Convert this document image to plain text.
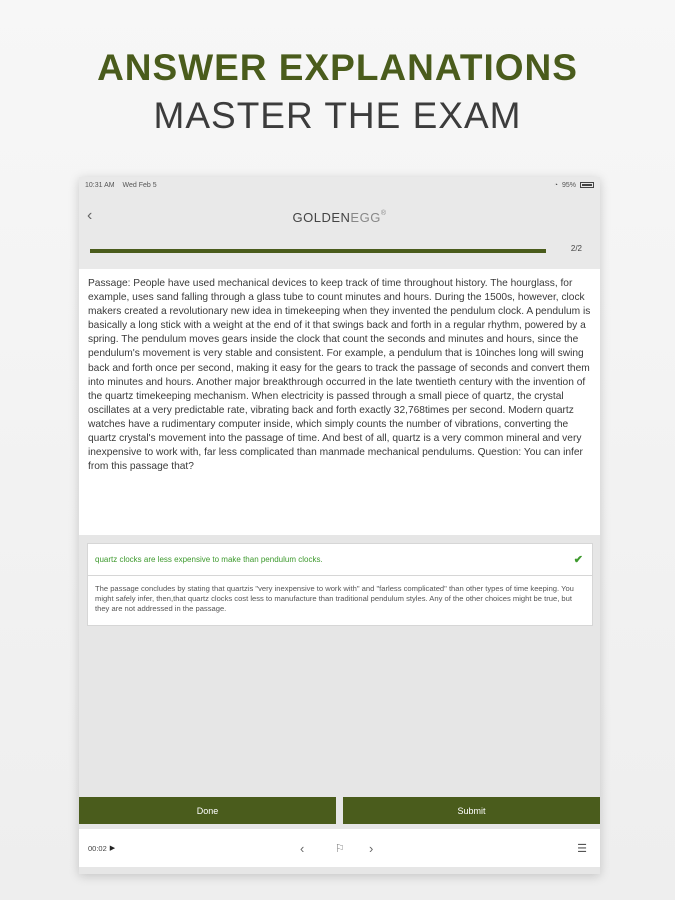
ANSWER EXPLANATIONS
MASTER THE EXAM
10:31 AM Wed Feb 5	◔ 95%
‹	GOLDENEGG®
2/2
Passage: People have used mechanical devices to keep track of time throughout history. The hourglass, for example, uses sand falling through a glass tube to count minutes and hours. During the 1500s, however, clock makers created a revolutionary new idea in timekeeping when they invented the pendulum clock. A pendulum is basically a long stick with a weight at the end of it that swings back and forth in a regular rhythm, powered by a spring. The pendulum moves gears inside the clock that count the seconds and minutes and hours, since the pendulum's movement is very stable and consistent. For example, a pendulum that is 10inches long will swing back and forth once per second, making it easy for the gears to track the passage of seconds and convert them into minutes and hours. Another major breakthrough occurred in the late twentieth century with the invention of the quartz timekeeping mechanism. When electricity is passed through a small piece of quartz, the crystal oscillates at a very predictable rate, vibrating back and forth exactly 32,768times per second. Modern quartz watches have a rudimentary computer inside, which simply counts the number of vibrations, converting the quartz crystal's movement into the passage of time. And best of all, quartz is a very common mineral and very inexpensive to work with, far less complicated than manmade mechanical pendulums. Question: You can infer from this passage that?
quartz clocks are less expensive to make than pendulum clocks.	✔
The passage concludes by stating that quartzis "very inexpensive to work with" and "farless complicated" than other types of time keeping. You might safely infer, then,that quartz clocks cost less to manufacture than traditional pendulum styles. Any of the other choices might be true, but they are not addressed in the passage.
Done	Submit
00:02 ▶	‹	⚐ ›	☰
